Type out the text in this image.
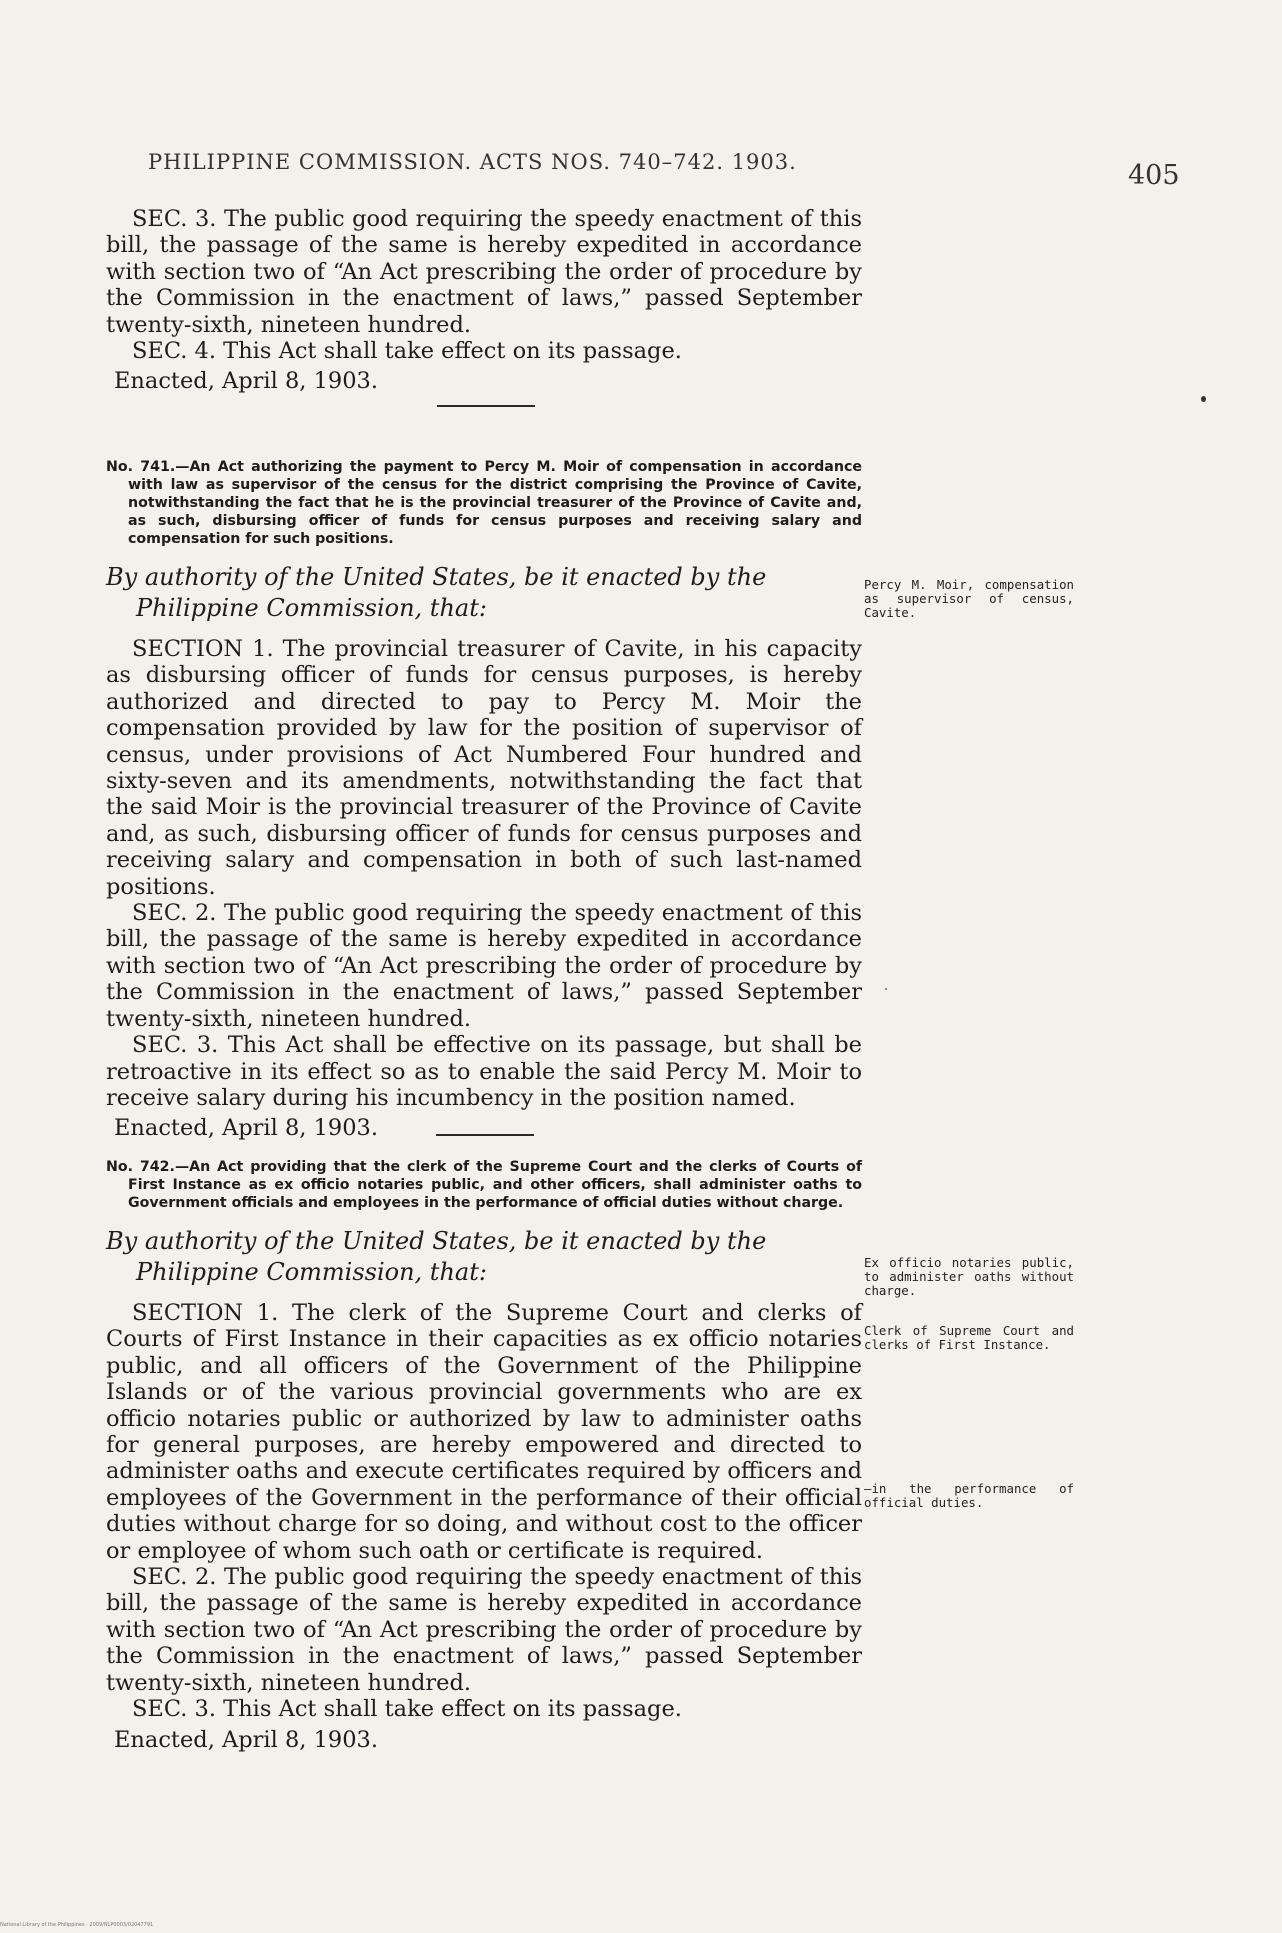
PHILIPPINE COMMISSION. ACTS NOS. 740–742. 1903.	405

SEC. 3. The public good requiring the speedy enactment of this bill, the passage of the same is hereby expedited in accordance with section two of “An Act prescribing the order of procedure by the Commission in the enactment of laws,” passed September twenty-sixth, nineteen hundred.

SEC. 4. This Act shall take effect on its passage.

Enacted, April 8, 1903.

No. 741.—An Act authorizing the payment to Percy M. Moir of compensation in accordance with law as supervisor of the census for the district comprising the Province of Cavite, notwithstanding the fact that he is the provincial treasurer of the Province of Cavite and, as such, disbursing officer of funds for census purposes and receiving salary and compensation for such positions.

By authority of the United States, be it enacted by the Philippine Commission, that:

SECTION 1. The provincial treasurer of Cavite, in his capacity as disbursing officer of funds for census purposes, is hereby authorized and directed to pay to Percy M. Moir the compensation provided by law for the position of supervisor of census, under provisions of Act Numbered Four hundred and sixty-seven and its amendments, notwithstanding the fact that the said Moir is the provincial treasurer of the Province of Cavite and, as such, disbursing officer of funds for census purposes and receiving salary and compensation in both of such last-named positions.

SEC. 2. The public good requiring the speedy enactment of this bill, the passage of the same is hereby expedited in accordance with section two of “An Act prescribing the order of procedure by the Commission in the enactment of laws,” passed September twenty-sixth, nineteen hundred.

SEC. 3. This Act shall be effective on its passage, but shall be retroactive in its effect so as to enable the said Percy M. Moir to receive salary during his incumbency in the position named.

Enacted, April 8, 1903.

Percy M. Moir, compensation as supervisor of census, Cavite.

No. 742.—An Act providing that the clerk of the Supreme Court and the clerks of Courts of First Instance as ex officio notaries public, and other officers, shall administer oaths to Government officials and employees in the performance of official duties without charge.

By authority of the United States, be it enacted by the Philippine Commission, that:

SECTION 1. The clerk of the Supreme Court and clerks of Courts of First Instance in their capacities as ex officio notaries public, and all officers of the Government of the Philippine Islands or of the various provincial governments who are ex officio notaries public or authorized by law to administer oaths for general purposes, are hereby empowered and directed to administer oaths and execute certificates required by officers and employees of the Government in the performance of their official duties without charge for so doing, and without cost to the officer or employee of whom such oath or certificate is required.

SEC. 2. The public good requiring the speedy enactment of this bill, the passage of the same is hereby expedited in accordance with section two of “An Act prescribing the order of procedure by the Commission in the enactment of laws,” passed September twenty-sixth, nineteen hundred.

SEC. 3. This Act shall take effect on its passage.

Enacted, April 8, 1903.

Ex officio notaries public, to administer oaths without charge.
Clerk of Supreme Court and clerks of First Instance.
—in the performance of official duties.
National Library of the Philippines · 2009/NLP0003/02047791
